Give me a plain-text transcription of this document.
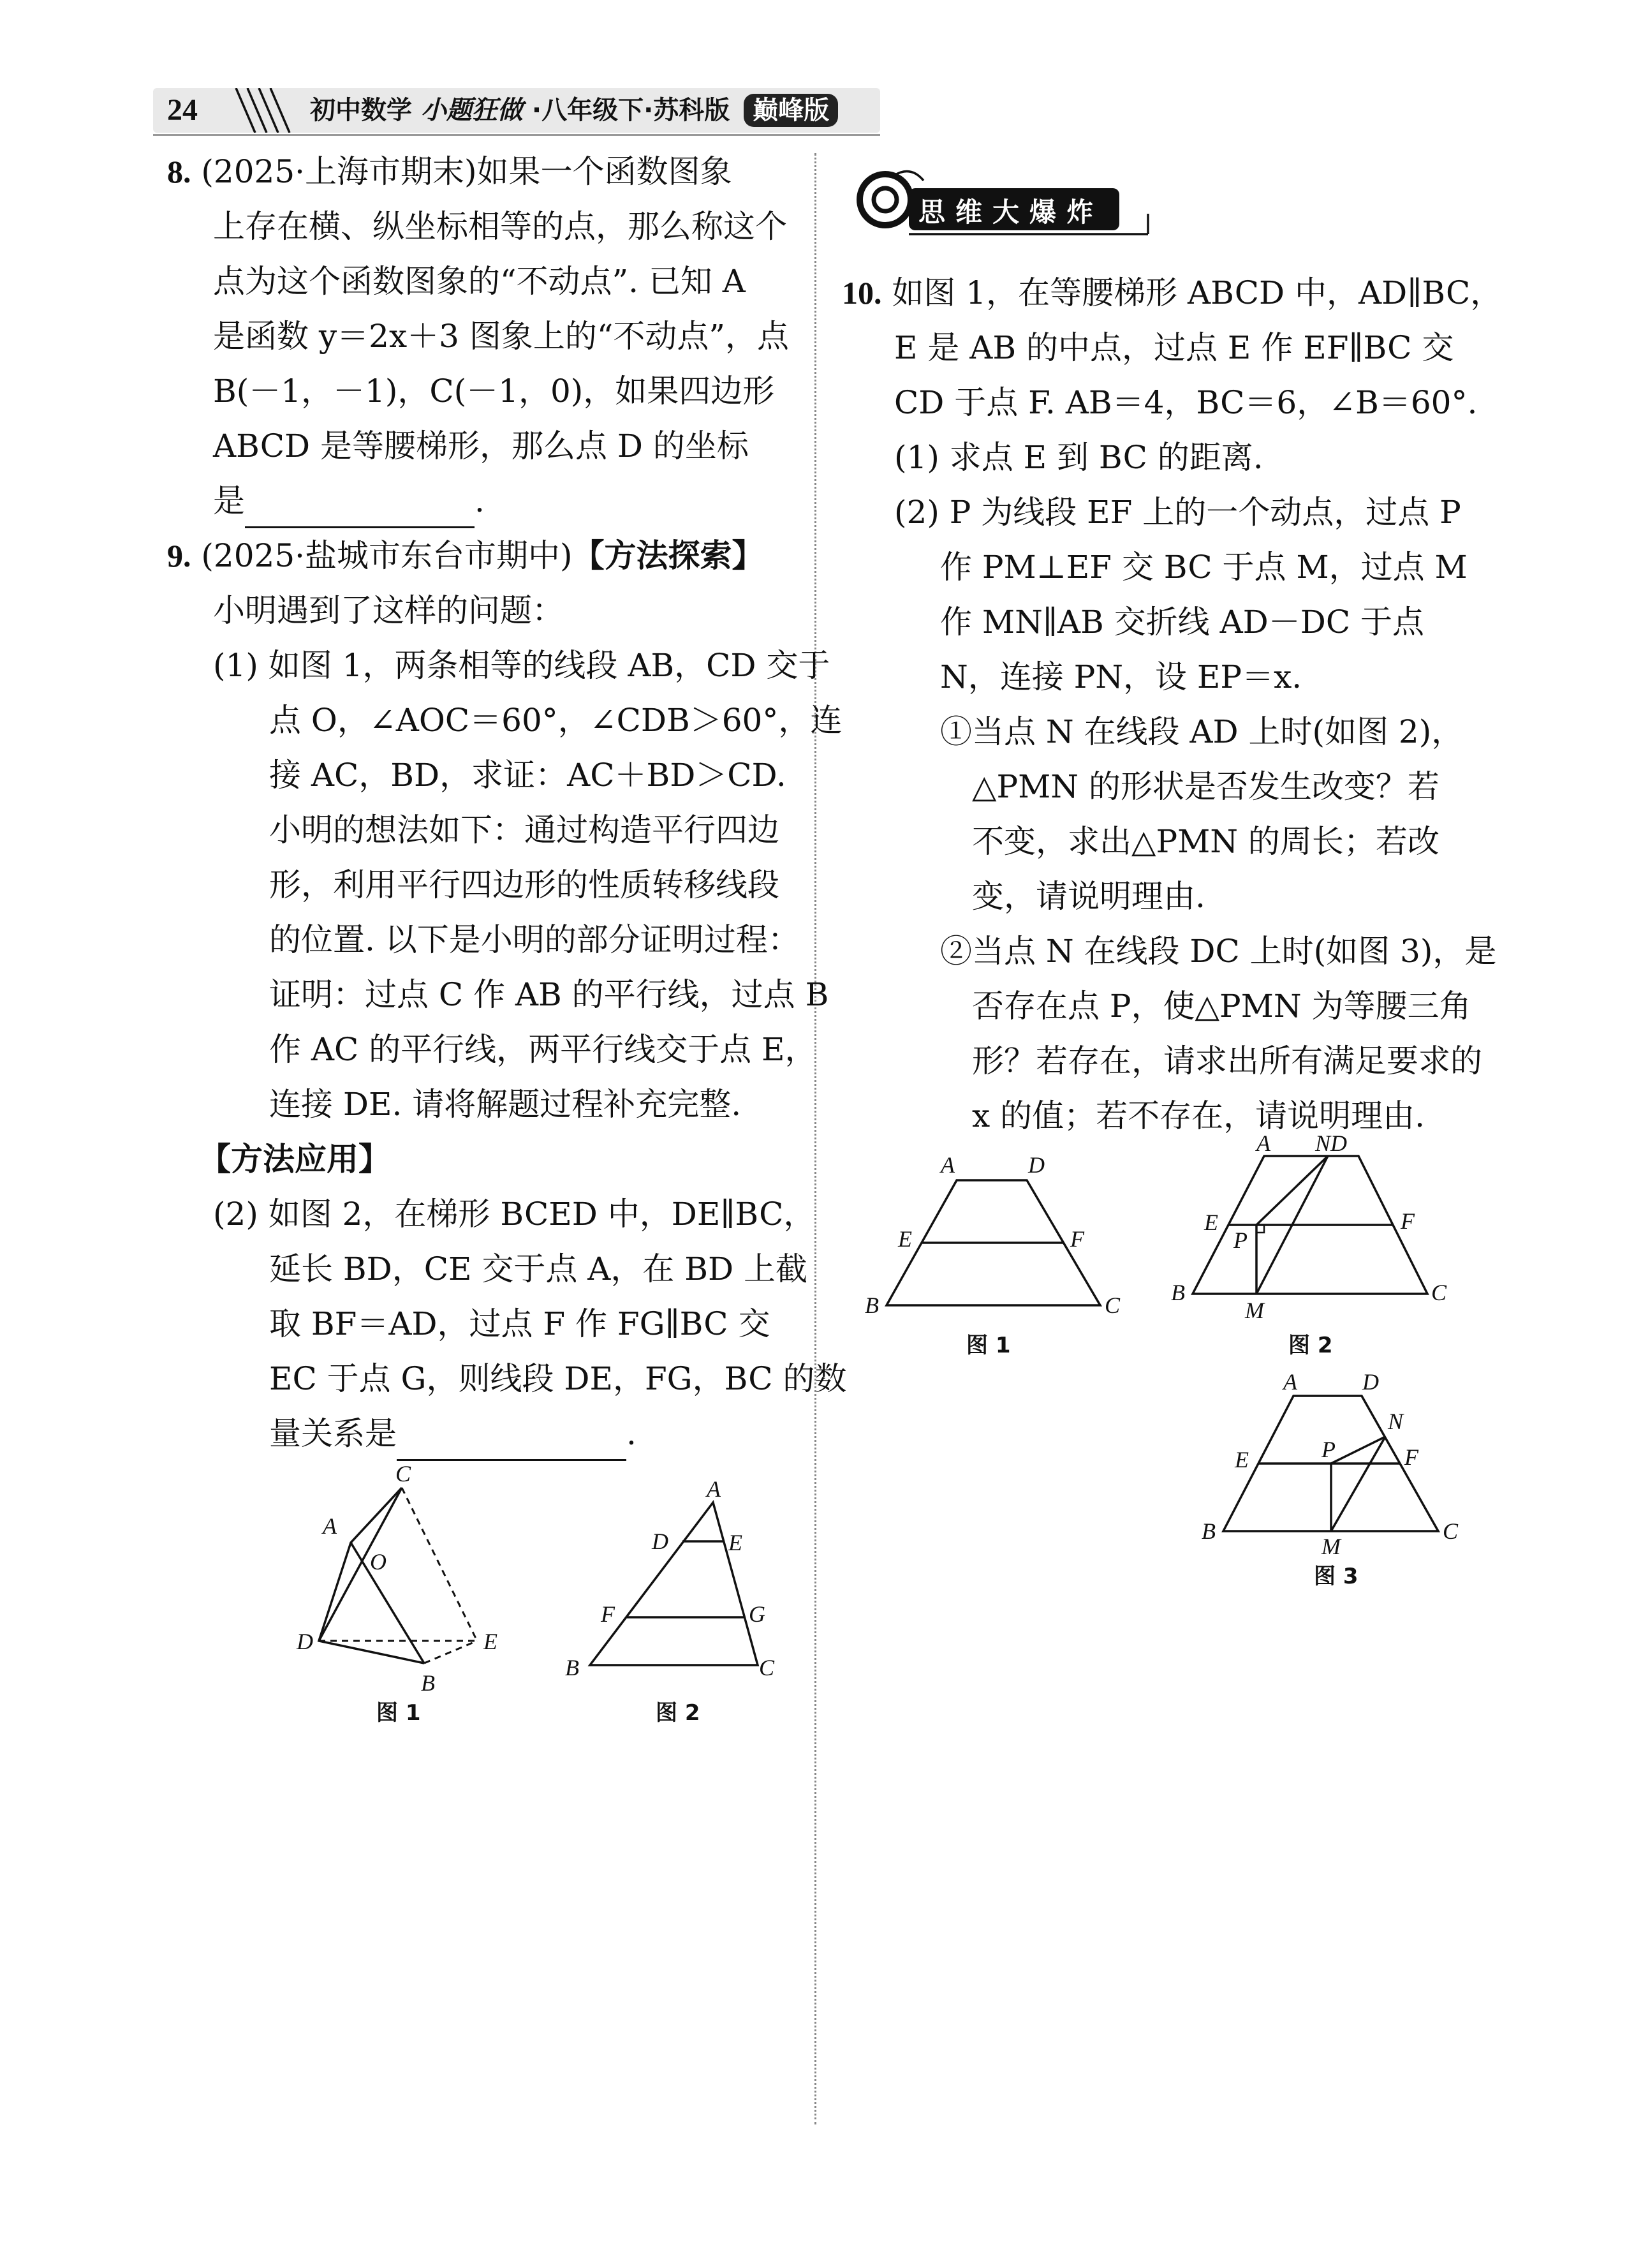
24	初中数学 小题狂做 ·八年级下·苏科版 巅峰版
8. (2025·上海市期末)如果一个函数图象
上存在横、纵坐标相等的点，那么称这个
点为这个函数图象的“不动点”. 已知 A
是函数 y＝2x＋3 图象上的“不动点”，点
B(－1，－1)，C(－1，0)，如果四边形
ABCD 是等腰梯形，那么点 D 的坐标
是	.
9. (2025·盐城市东台市期中)【方法探索】
小明遇到了这样的问题：
(1) 如图 1，两条相等的线段 AB，CD 交于
点 O，∠AOC＝60°，∠CDB＞60°，连
接 AC，BD，求证：AC＋BD＞CD.
小明的想法如下：通过构造平行四边
形，利用平行四边形的性质转移线段
的位置. 以下是小明的部分证明过程：
证明：过点 C 作 AB 的平行线，过点 B
作 AC 的平行线，两平行线交于点 E，
连接 DE. 请将解题过程补充完整.
【方法应用】
(2) 如图 2，在梯形 BCED 中，DE∥BC，
延长 BD，CE 交于点 A，在 BD 上截
取 BF＝AD，过点 F 作 FG∥BC 交
EC 于点 G，则线段 DE，FG，BC 的数
量关系是	.
C
A
O
D	E
B
图 1
A
D	E
F	G
B	C
图 2
思维大爆炸
10. 如图 1，在等腰梯形 ABCD 中，AD∥BC，
E 是 AB 的中点，过点 E 作 EF∥BC 交
CD 于点 F. AB＝4，BC＝6，∠B＝60°.
(1) 求点 E 到 BC 的距离.
(2) P 为线段 EF 上的一个动点，过点 P
作 PM⊥EF 交 BC 于点 M，过点 M
作 MN∥AB 交折线 AD－DC 于点
N，连接 PN，设 EP＝x.
①当点 N 在线段 AD 上时(如图 2)，
△PMN 的形状是否发生改变？若
不变，求出△PMN 的周长；若改
变，请说明理由.
②当点 N 在线段 DC 上时(如图 3)，是
否存在点 P，使△PMN 为等腰三角
形？若存在，请求出所有满足要求的
x 的值；若不存在，请说明理由.
A	D
E	F
B	C
图 1
A ND
E	F
P
B
M
C
图 2
A	D
N
E	P	F
B
M
C
图 3
